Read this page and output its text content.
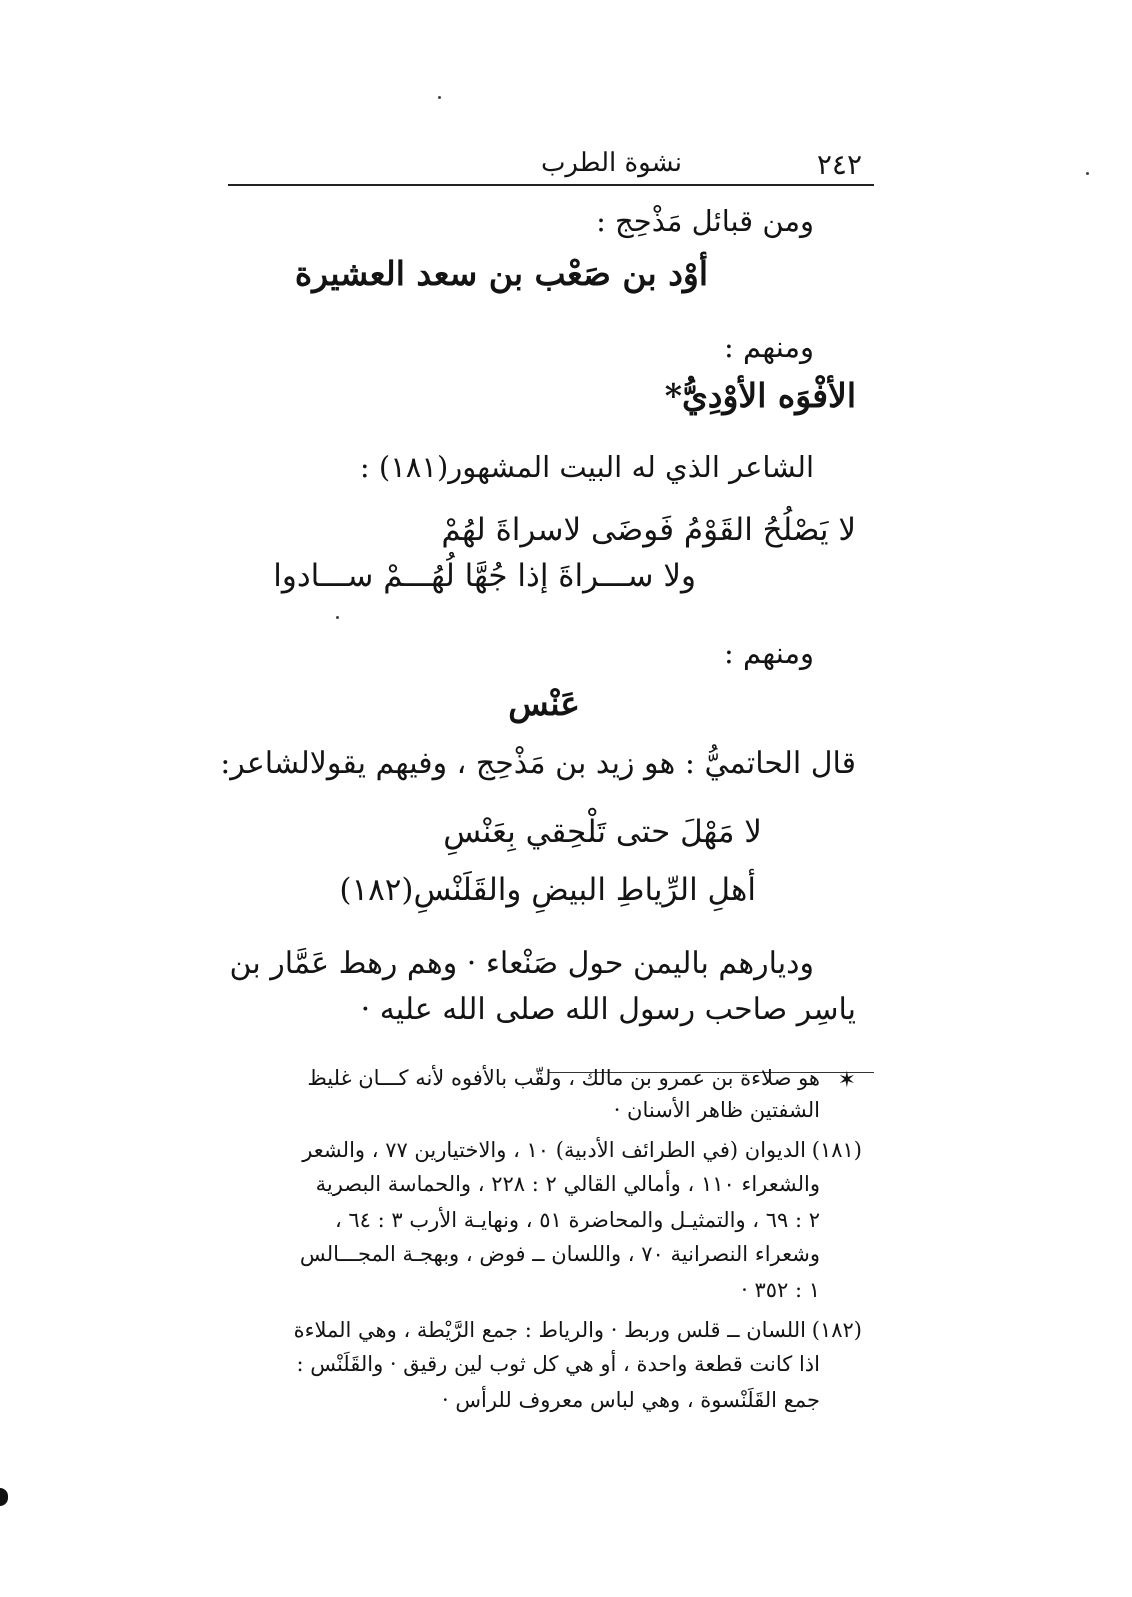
٢٤٢
نشوة الطرب
ومن قبائل مَذْحِج :
أوْد بن صَعْب بن سعد العشيرة
ومنهم :
الأفْوَه الأوْدِيُّ*
الشاعر الذي له البيت المشهور(١٨١) :
لا يَصْلُحُ القَوْمُ فَوضَى لاسراةَ لهُمْ
ولا ســـراةَ إذا جُهَّا لُهُـــمْ ســـادوا
ومنهم :
عَنْس
قال الحاتميُّ : هو زيد بن مَذْحِج ، وفيهم يقولالشاعر:
لا مَهْلَ حتى تَلْحِقي بِعَنْسِ
أهلِ الرِّياطِ البيضِ والقَلَنْسِ(١٨٢)
وديارهم باليمن حول صَنْعاء · وهم رهط عَمَّار بن
ياسِر صاحب رسول الله صلى الله عليه ·
✶
هو صلاءة بن عمرو بن مالك ، ولقّب بالأفوه لأنه كـــان غليظ
الشفتين ظاهر الأسنان ·
(١٨١)
الديوان (في الطرائف الأدبية) ١٠ ، والاختيارين ٧٧ ، والشعر
والشعراء ١١٠ ، وأمالي القالي ٢ : ٢٢٨ ، والحماسة البصرية
٢ : ٦٩ ، والتمثيـل والمحاضرة ٥١ ، ونهايـة الأرب ٣ : ٦٤ ،
وشعراء النصرانية ٧٠ ، واللسان ــ فوض ، وبهجـة المجـــالس
١ : ٣٥٢ ·
(١٨٢)
اللسان ــ قلس وربط · والرياط : جمع الرَّيْطة ، وهي الملاءة
اذا كانت قطعة واحدة ، أو هي كل ثوب لين رقيق · والقَلَنْس :
جمع القَلَنْسوة ، وهي لباس معروف للرأس ·
